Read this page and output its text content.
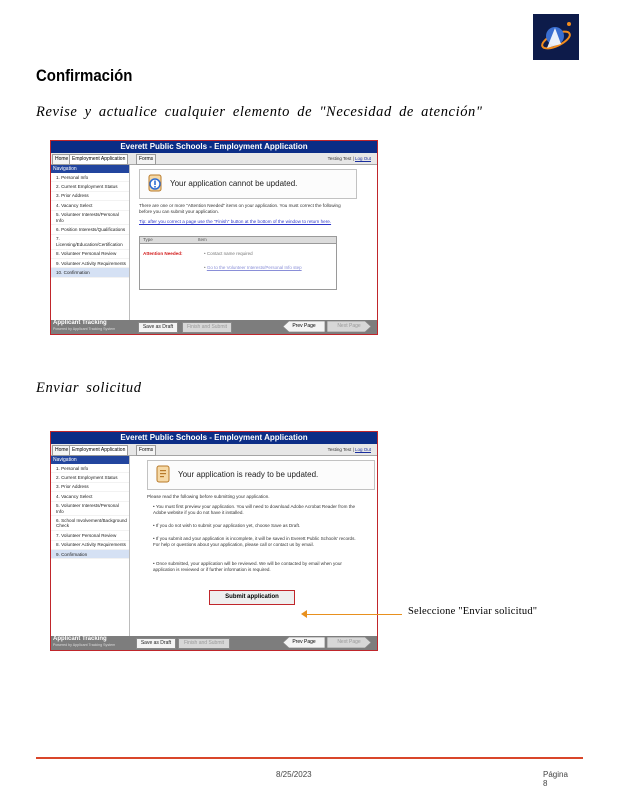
Confirmación
Revise y actualice cualquier elemento de "Necesidad de atención"
Everett Public Schools - Employment Application
Home Employment Application	Forms	Testing Test | Log Out
Navigation
1. Personal Info
2. Current Employment Status
3. Prior Address
4. Vacancy Select
5. Volunteer Interests/Personal Info
6. Position Interests/Qualifications
7. Licensing/Education/Certification
8. Volunteer Personal Review
9. Volunteer Activity Requirements
10. Confirmation
Your application cannot be updated.
There are one or more "Attention Needed" items on your application. You must correct the following before you can submit your application.
Tip: after you correct a page use the "Finish" button at the bottom of the window to return here.
Type	Item
Attention Needed:	• Contact name required
• Go to the Volunteer Interests/Personal Info step
Applicant Tracking
Powered by Applicant Tracking System	Save as Draft	Finish and Submit	Prev Page	Next Page
Enviar solicitud
Everett Public Schools - Employment Application
Home Employment Application	Forms	Testing Test | Log Out
Navigation
1. Personal Info
2. Current Employment Status
3. Prior Address
4. Vacancy Select
5. Volunteer Interests/Personal Info
6. School Involvement/Background Check
7. Volunteer Personal Review
8. Volunteer Activity Requirements
9. Confirmation
Your application is ready to be updated.
Please read the following before submitting your application.
• You must first preview your application. You will need to download Adobe Acrobat Reader from the Adobe website if you do not have it installed.
• If you do not wish to submit your application yet, choose Save as Draft.
• If you submit and your application is incomplete, it will be saved in Everett Public Schools' records. For help or questions about your application, please call or contact us by email.
• Once submitted, your application will be reviewed. We will be contacted by email when your application is reviewed or if further information is required.
Submit application
Applicant Tracking
Powered by Applicant Tracking System	Save as Draft	Finish and Submit	Prev Page	Next Page
Seleccione "Enviar solicitud"
8/25/2023	Página
8
